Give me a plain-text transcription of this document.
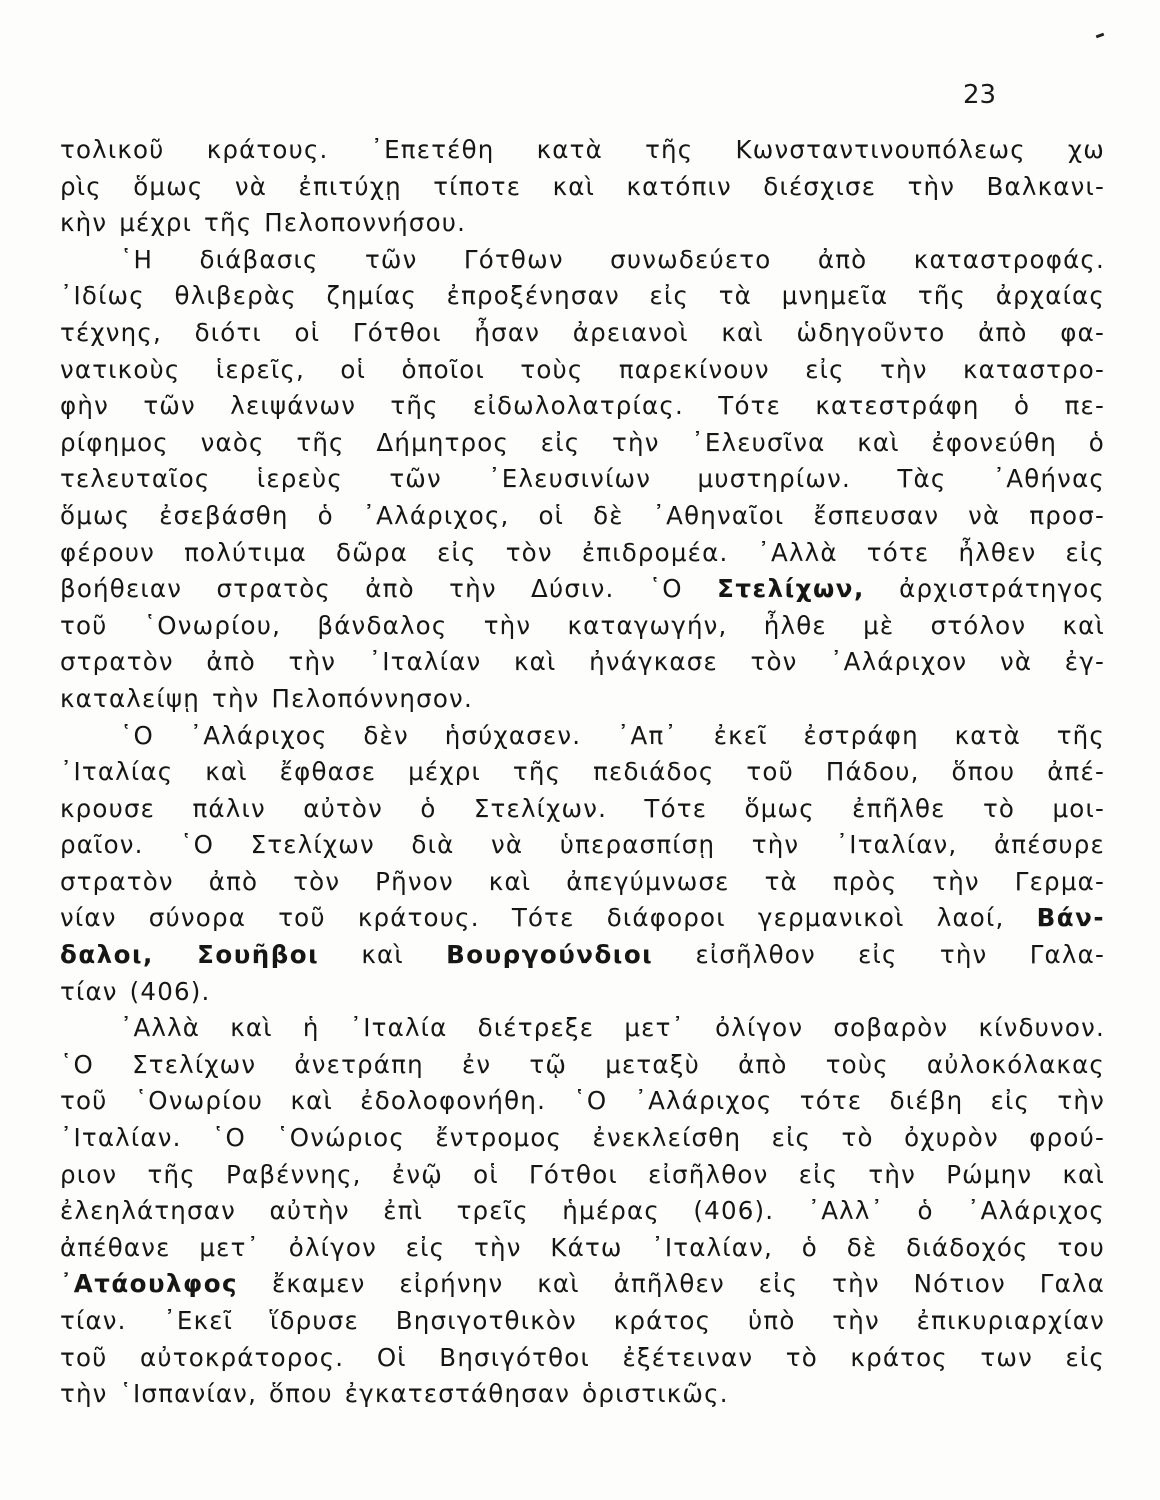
23
τολικοῦ κράτους. ᾿Επετέθη κατὰ τῆς Κωνσταντινουπόλεως χω
ρὶς ὅμως νὰ ἐπιτύχῃ τίποτε καὶ κατόπιν διέσχισε τὴν Βαλκανι-
κὴν μέχρι τῆς Πελοποννήσου.
῾Η διάβασις τῶν Γότθων συνωδεύετο ἀπὸ καταστροφάς.
᾿Ιδίως θλιβερὰς ζημίας ἐπροξένησαν εἰς τὰ μνημεῖα τῆς ἀρχαίας
τέχνης, διότι οἱ Γότθοι ἦσαν ἀρειανοὶ καὶ ὡδηγοῦντο ἀπὸ φα-
νατικοὺς ἱερεῖς, οἱ ὁποῖοι τοὺς παρεκίνουν εἰς τὴν καταστρο-
φὴν τῶν λειψάνων τῆς εἰδωλολατρίας. Τότε κατεστράφη ὁ πε-
ρίφημος ναὸς τῆς Δήμητρος εἰς τὴν ᾿Ελευσῖνα καὶ ἐφονεύθη ὁ
τελευταῖος ἱερεὺς τῶν ᾿Ελευσινίων μυστηρίων. Τὰς ᾿Αθήνας
ὅμως ἐσεβάσθη ὁ ᾿Αλάριχος, οἱ δὲ ᾿Αθηναῖοι ἔσπευσαν νὰ προσ-
φέρουν πολύτιμα δῶρα εἰς τὸν ἐπιδρομέα. ᾿Αλλὰ τότε ἦλθεν εἰς
βοήθειαν στρατὸς ἀπὸ τὴν Δύσιν. ῾Ο Στελίχων, ἀρχιστράτηγος
τοῦ ῾Ονωρίου, βάνδαλος τὴν καταγωγήν, ἦλθε μὲ στόλον καὶ
στρατὸν ἀπὸ τὴν ᾿Ιταλίαν καὶ ἠνάγκασε τὸν ᾿Αλάριχον νὰ ἐγ-
καταλείψῃ τὴν Πελοπόννησον.
῾Ο ᾿Αλάριχος δὲν ἡσύχασεν. ᾿Απ᾿ ἐκεῖ ἐστράφη κατὰ τῆς
᾿Ιταλίας καὶ ἔφθασε μέχρι τῆς πεδιάδος τοῦ Πάδου, ὅπου ἀπέ-
κρουσε πάλιν αὐτὸν ὁ Στελίχων. Τότε ὅμως ἐπῆλθε τὸ μοι-
ραῖον. ῾Ο Στελίχων διὰ νὰ ὑπερασπίσῃ τὴν ᾿Ιταλίαν, ἀπέσυρε
στρατὸν ἀπὸ τὸν Ρῆνον καὶ ἀπεγύμνωσε τὰ πρὸς τὴν Γερμα-
νίαν σύνορα τοῦ κράτους. Τότε διάφοροι γερμανικοὶ λαοί, Βάν-
δαλοι, Σουῆβοι καὶ Βουργούνδιοι εἰσῆλθον εἰς τὴν Γαλα-
τίαν (406).
᾿Αλλὰ καὶ ἡ ᾿Ιταλία διέτρεξε μετ᾿ ὀλίγον σοβαρὸν κίνδυνον.
῾Ο Στελίχων ἀνετράπη ἐν τῷ μεταξὺ ἀπὸ τοὺς αὐλοκόλακας
τοῦ ῾Ονωρίου καὶ ἐδολοφονήθη. ῾Ο ᾿Αλάριχος τότε διέβη εἰς τὴν
᾿Ιταλίαν. ῾Ο ῾Ονώριος ἔντρομος ἐνεκλείσθη εἰς τὸ ὀχυρὸν φρού-
ριον τῆς Ραβέννης, ἐνῷ οἱ Γότθοι εἰσῆλθον εἰς τὴν Ρώμην καὶ
ἐλεηλάτησαν αὐτὴν ἐπὶ τρεῖς ἡμέρας (406). ᾿Αλλ᾿ ὁ ᾿Αλάριχος
ἀπέθανε μετ᾿ ὀλίγον εἰς τὴν Κάτω ᾿Ιταλίαν, ὁ δὲ διάδοχός του
᾿Ατάουλφος ἔκαμεν εἰρήνην καὶ ἀπῆλθεν εἰς τὴν Νότιον Γαλα
τίαν. ᾿Εκεῖ ἵδρυσε Βησιγοτθικὸν κράτος ὑπὸ τὴν ἐπικυριαρχίαν
τοῦ αὐτοκράτορος. Οἱ Βησιγότθοι ἐξέτειναν τὸ κράτος των εἰς
τὴν ῾Ισπανίαν, ὅπου ἐγκατεστάθησαν ὁριστικῶς.
